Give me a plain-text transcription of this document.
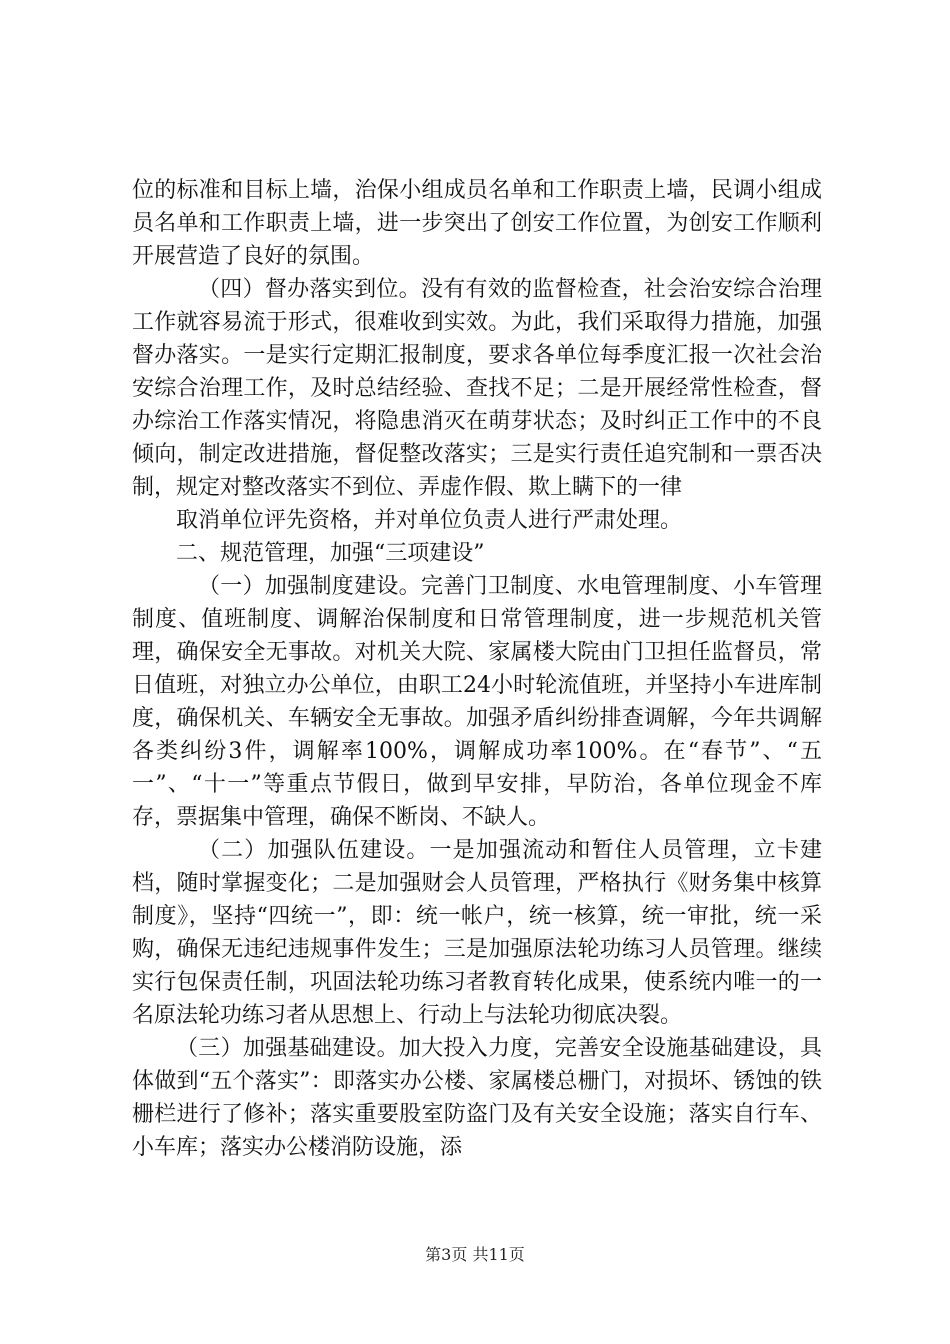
位的标准和目标上墙，治保小组成员名单和工作职责上墙，民调小组成员名单和工作职责上墙，进一步突出了创安工作位置，为创安工作顺利开展营造了良好的氛围。

（四）督办落实到位。没有有效的监督检查，社会治安综合治理工作就容易流于形式，很难收到实效。为此，我们采取得力措施，加强督办落实。一是实行定期汇报制度，要求各单位每季度汇报一次社会治安综合治理工作，及时总结经验、查找不足；二是开展经常性检查，督办综治工作落实情况，将隐患消灭在萌芽状态；及时纠正工作中的不良倾向，制定改进措施，督促整改落实；三是实行责任追究制和一票否决制，规定对整改落实不到位、弄虚作假、欺上瞒下的一律

取消单位评先资格，并对单位负责人进行严肃处理。

二、规范管理，加强“三项建设”

（一）加强制度建设。完善门卫制度、水电管理制度、小车管理制度、值班制度、调解治保制度和日常管理制度，进一步规范机关管理，确保安全无事故。对机关大院、家属楼大院由门卫担任监督员，常日值班，对独立办公单位，由职工24小时轮流值班，并坚持小车进库制度，确保机关、车辆安全无事故。加强矛盾纠纷排查调解，今年共调解各类纠纷3件，调解率100%，调解成功率100%。在“春节”、“五一”、“十一”等重点节假日，做到早安排，早防治，各单位现金不库存，票据集中管理，确保不断岗、不缺人。

（二）加强队伍建设。一是加强流动和暂住人员管理，立卡建档，随时掌握变化；二是加强财会人员管理，严格执行《财务集中核算制度》，坚持“四统一”，即：统一帐户，统一核算，统一审批，统一采购，确保无违纪违规事件发生；三是加强原法轮功练习人员管理。继续实行包保责任制，巩固法轮功练习者教育转化成果，使系统内唯一的一名原法轮功练习者从思想上、行动上与法轮功彻底决裂。

（三）加强基础建设。加大投入力度，完善安全设施基础建设，具体做到“五个落实”：即落实办公楼、家属楼总栅门，对损坏、锈蚀的铁栅栏进行了修补；落实重要股室防盗门及有关安全设施；落实自行车、小车库；落实办公楼消防设施，添

第3页 共11页
